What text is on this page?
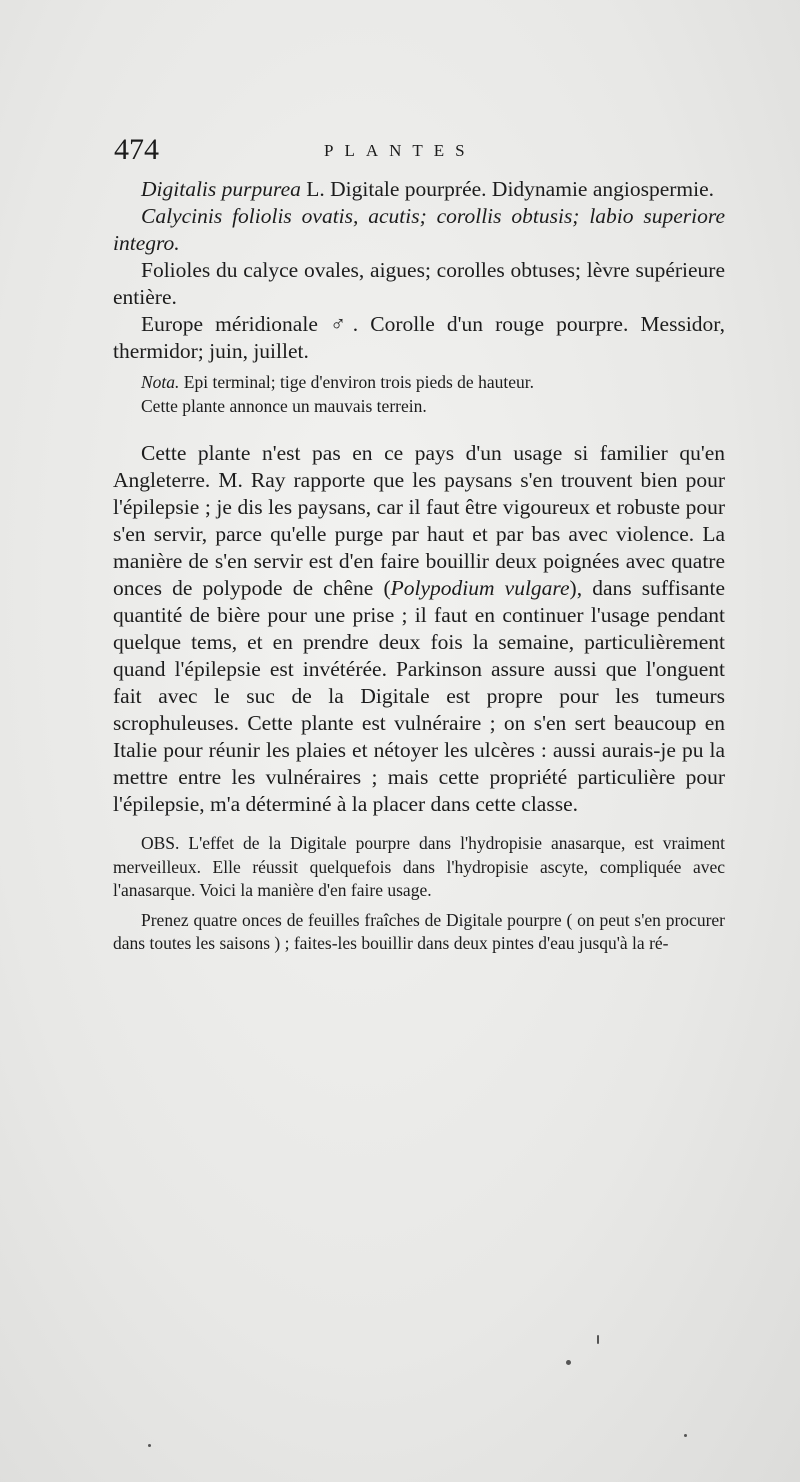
474	PLANTES
Digitalis purpurea L. Digitale pourprée. Didynamie angiospermie.
Calycinis foliolis ovatis, acutis; corollis obtusis; labio superiore integro.
Folioles du calyce ovales, aigues; corolles obtuses; lèvre supérieure entière.
Europe méridionale ♂. Corolle d'un rouge pourpre. Messidor, thermidor; juin, juillet.
Nota. Epi terminal; tige d'environ trois pieds de hauteur.
Cette plante annonce un mauvais terrein.
Cette plante n'est pas en ce pays d'un usage si familier qu'en Angleterre. M. Ray rapporte que les paysans s'en trouvent bien pour l'épilepsie ; je dis les paysans, car il faut être vigoureux et robuste pour s'en servir, parce qu'elle purge par haut et par bas avec violence. La manière de s'en servir est d'en faire bouillir deux poignées avec quatre onces de polypode de chêne (Polypodium vulgare), dans suffisante quantité de bière pour une prise ; il faut en continuer l'usage pendant quelque tems, et en prendre deux fois la semaine, particulièrement quand l'épilepsie est invétérée. Parkinson assure aussi que l'onguent fait avec le suc de la Digitale est propre pour les tumeurs scrophuleuses. Cette plante est vulnéraire ; on s'en sert beaucoup en Italie pour réunir les plaies et nétoyer les ulcères : aussi aurais-je pu la mettre entre les vulnéraires ; mais cette propriété particulière pour l'épilepsie, m'a déterminé à la placer dans cette classe.
OBS. L'effet de la Digitale pourpre dans l'hydropisie anasarque, est vraiment merveilleux. Elle réussit quelquefois dans l'hydropisie ascyte, compliquée avec l'anasarque. Voici la manière d'en faire usage.
Prenez quatre onces de feuilles fraîches de Digitale pourpre ( on peut s'en procurer dans toutes les saisons ) ; faites-les bouillir dans deux pintes d'eau jusqu'à la ré-
